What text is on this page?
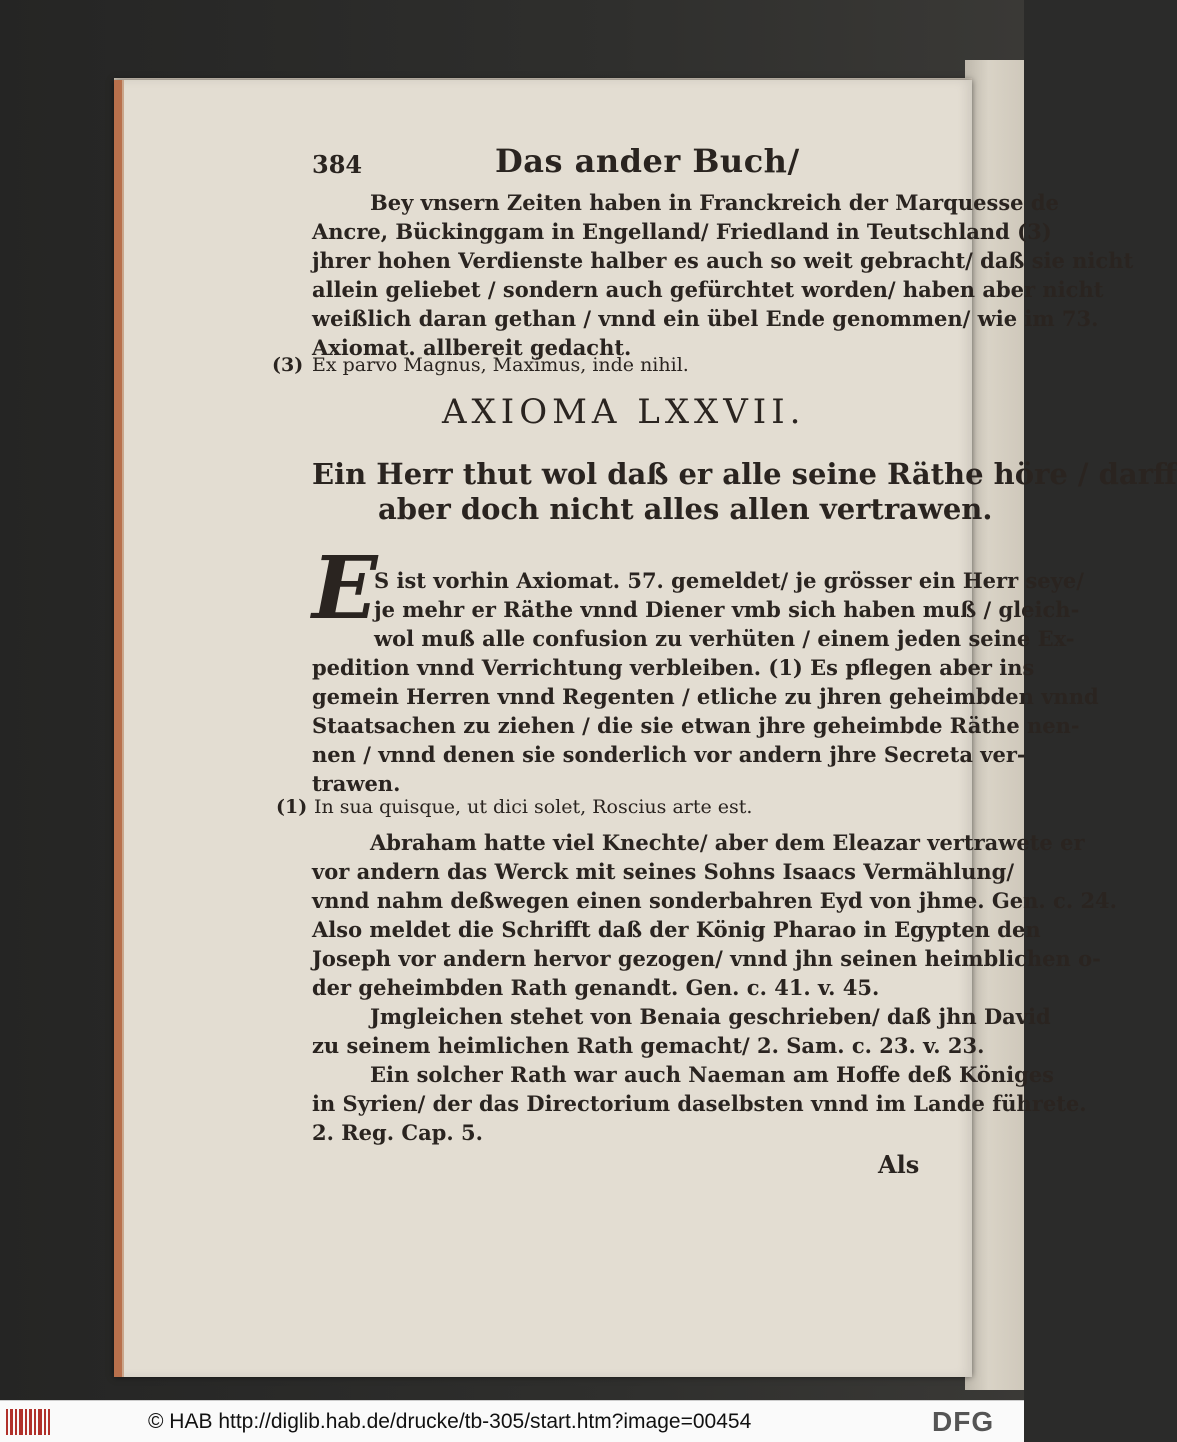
384	Das ander Buch/
Bey vnsern Zeiten haben in Franckreich der Marquesse de
Ancre, Bückinggam in Engelland/ Friedland in Teutschland (3)
jhrer hohen Verdienste halber es auch so weit gebracht/ daß sie nicht
allein geliebet / sondern auch gefürchtet worden/ haben aber nicht
weißlich daran gethan / vnnd ein übel Ende genommen/ wie im 73.
Axiomat. allbereit gedacht.
(3) Ex parvo Magnus, Maximus, inde nihil.
AXIOMA LXXVII.
Ein Herr thut wol daß er alle seine Räthe höre / darff
aber doch nicht alles allen vertrawen.
E
S ist vorhin Axiomat. 57. gemeldet/ je grösser ein Herr seye/
je mehr er Räthe vnnd Diener vmb sich haben muß / gleich-
wol muß alle confusion zu verhüten / einem jeden seine Ex-
pedition vnnd Verrichtung verbleiben. (1) Es pflegen aber ins
gemein Herren vnnd Regenten / etliche zu jhren geheimbden vnnd
Staatsachen zu ziehen / die sie etwan jhre geheimbde Räthe nen-
nen / vnnd denen sie sonderlich vor andern jhre Secreta ver-
trawen.
(1) In sua quisque, ut dici solet, Roscius arte est.
Abraham hatte viel Knechte/ aber dem Eleazar vertrawete er
vor andern das Werck mit seines Sohns Isaacs Vermählung/
vnnd nahm deßwegen einen sonderbahren Eyd von jhme. Gen. c. 24.
Also meldet die Schrifft daß der König Pharao in Egypten den
Joseph vor andern hervor gezogen/ vnnd jhn seinen heimblichen o-
der geheimbden Rath genandt. Gen. c. 41. v. 45.
Jmgleichen stehet von Benaia geschrieben/ daß jhn David
zu seinem heimlichen Rath gemacht/ 2. Sam. c. 23. v. 23.
Ein solcher Rath war auch Naeman am Hoffe deß Königes
in Syrien/ der das Directorium daselbsten vnnd im Lande führete.
2. Reg. Cap. 5.
Als
© HAB http://diglib.hab.de/drucke/tb-305/start.htm?image=00454	DFG
